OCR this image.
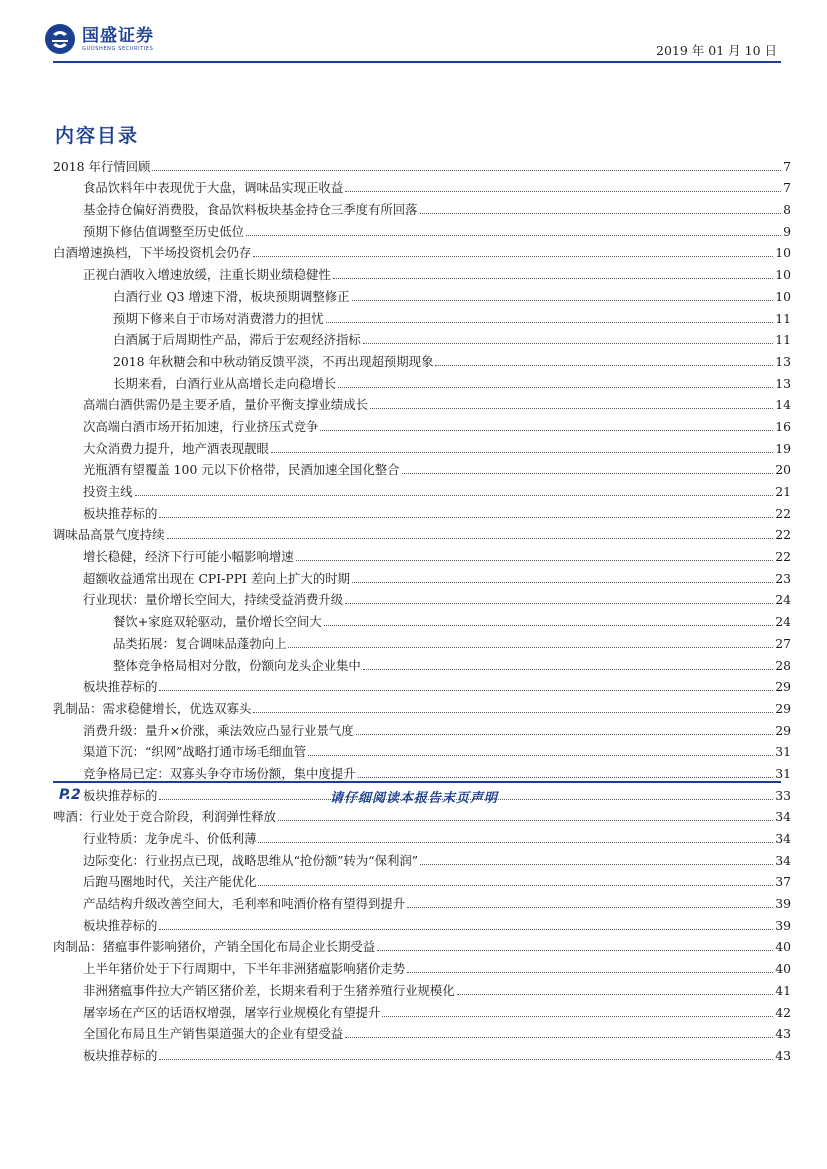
国盛证券
GUOSHENG SECURITIES	2019 年 01 月 10 日
内容目录
2018 年行情回顾	7
食品饮料年中表现优于大盘，调味品实现正收益	7
基金持仓偏好消费股，食品饮料板块基金持仓三季度有所回落	8
预期下修估值调整至历史低位	9
白酒增速换档，下半场投资机会仍存	10
正视白酒收入增速放缓，注重长期业绩稳健性	10
白酒行业 Q3 增速下滑，板块预期调整修正	10
预期下修来自于市场对消费潜力的担忧	11
白酒属于后周期性产品，滞后于宏观经济指标	11
2018 年秋糖会和中秋动销反馈平淡，不再出现超预期现象	13
长期来看，白酒行业从高增长走向稳增长	13
高端白酒供需仍是主要矛盾，量价平衡支撑业绩成长	14
次高端白酒市场开拓加速，行业挤压式竞争	16
大众消费力提升，地产酒表现靓眼	19
光瓶酒有望覆盖 100 元以下价格带，民酒加速全国化整合	20
投资主线	21
板块推荐标的	22
调味品高景气度持续	22
增长稳健，经济下行可能小幅影响增速	22
超额收益通常出现在 CPI-PPI 差向上扩大的时期	23
行业现状：量价增长空间大，持续受益消费升级	24
餐饮+家庭双轮驱动，量价增长空间大	24
品类拓展：复合调味品蓬勃向上	27
整体竞争格局相对分散，份额向龙头企业集中	28
板块推荐标的	29
乳制品：需求稳健增长，优选双寡头	29
消费升级：量升×价涨，乘法效应凸显行业景气度	29
渠道下沉：“织网”战略打通市场毛细血管	31
竞争格局已定：双寡头争夺市场份额，集中度提升	31
板块推荐标的	33
啤酒：行业处于竞合阶段，利润弹性释放	34
行业特质：龙争虎斗、价低利薄	34
边际变化：行业拐点已现，战略思维从“抢份额”转为“保利润”	34
后跑马圈地时代，关注产能优化	37
产品结构升级改善空间大，毛利率和吨酒价格有望得到提升	39
板块推荐标的	39
肉制品：猪瘟事件影响猪价，产销全国化布局企业长期受益	40
上半年猪价处于下行周期中，下半年非洲猪瘟影响猪价走势	40
非洲猪瘟事件拉大产销区猪价差，长期来看利于生猪养殖行业规模化	41
屠宰场在产区的话语权增强，屠宰行业规模化有望提升	42
全国化布局且生产销售渠道强大的企业有望受益	43
板块推荐标的	43
P.2	请仔细阅读本报告末页声明
